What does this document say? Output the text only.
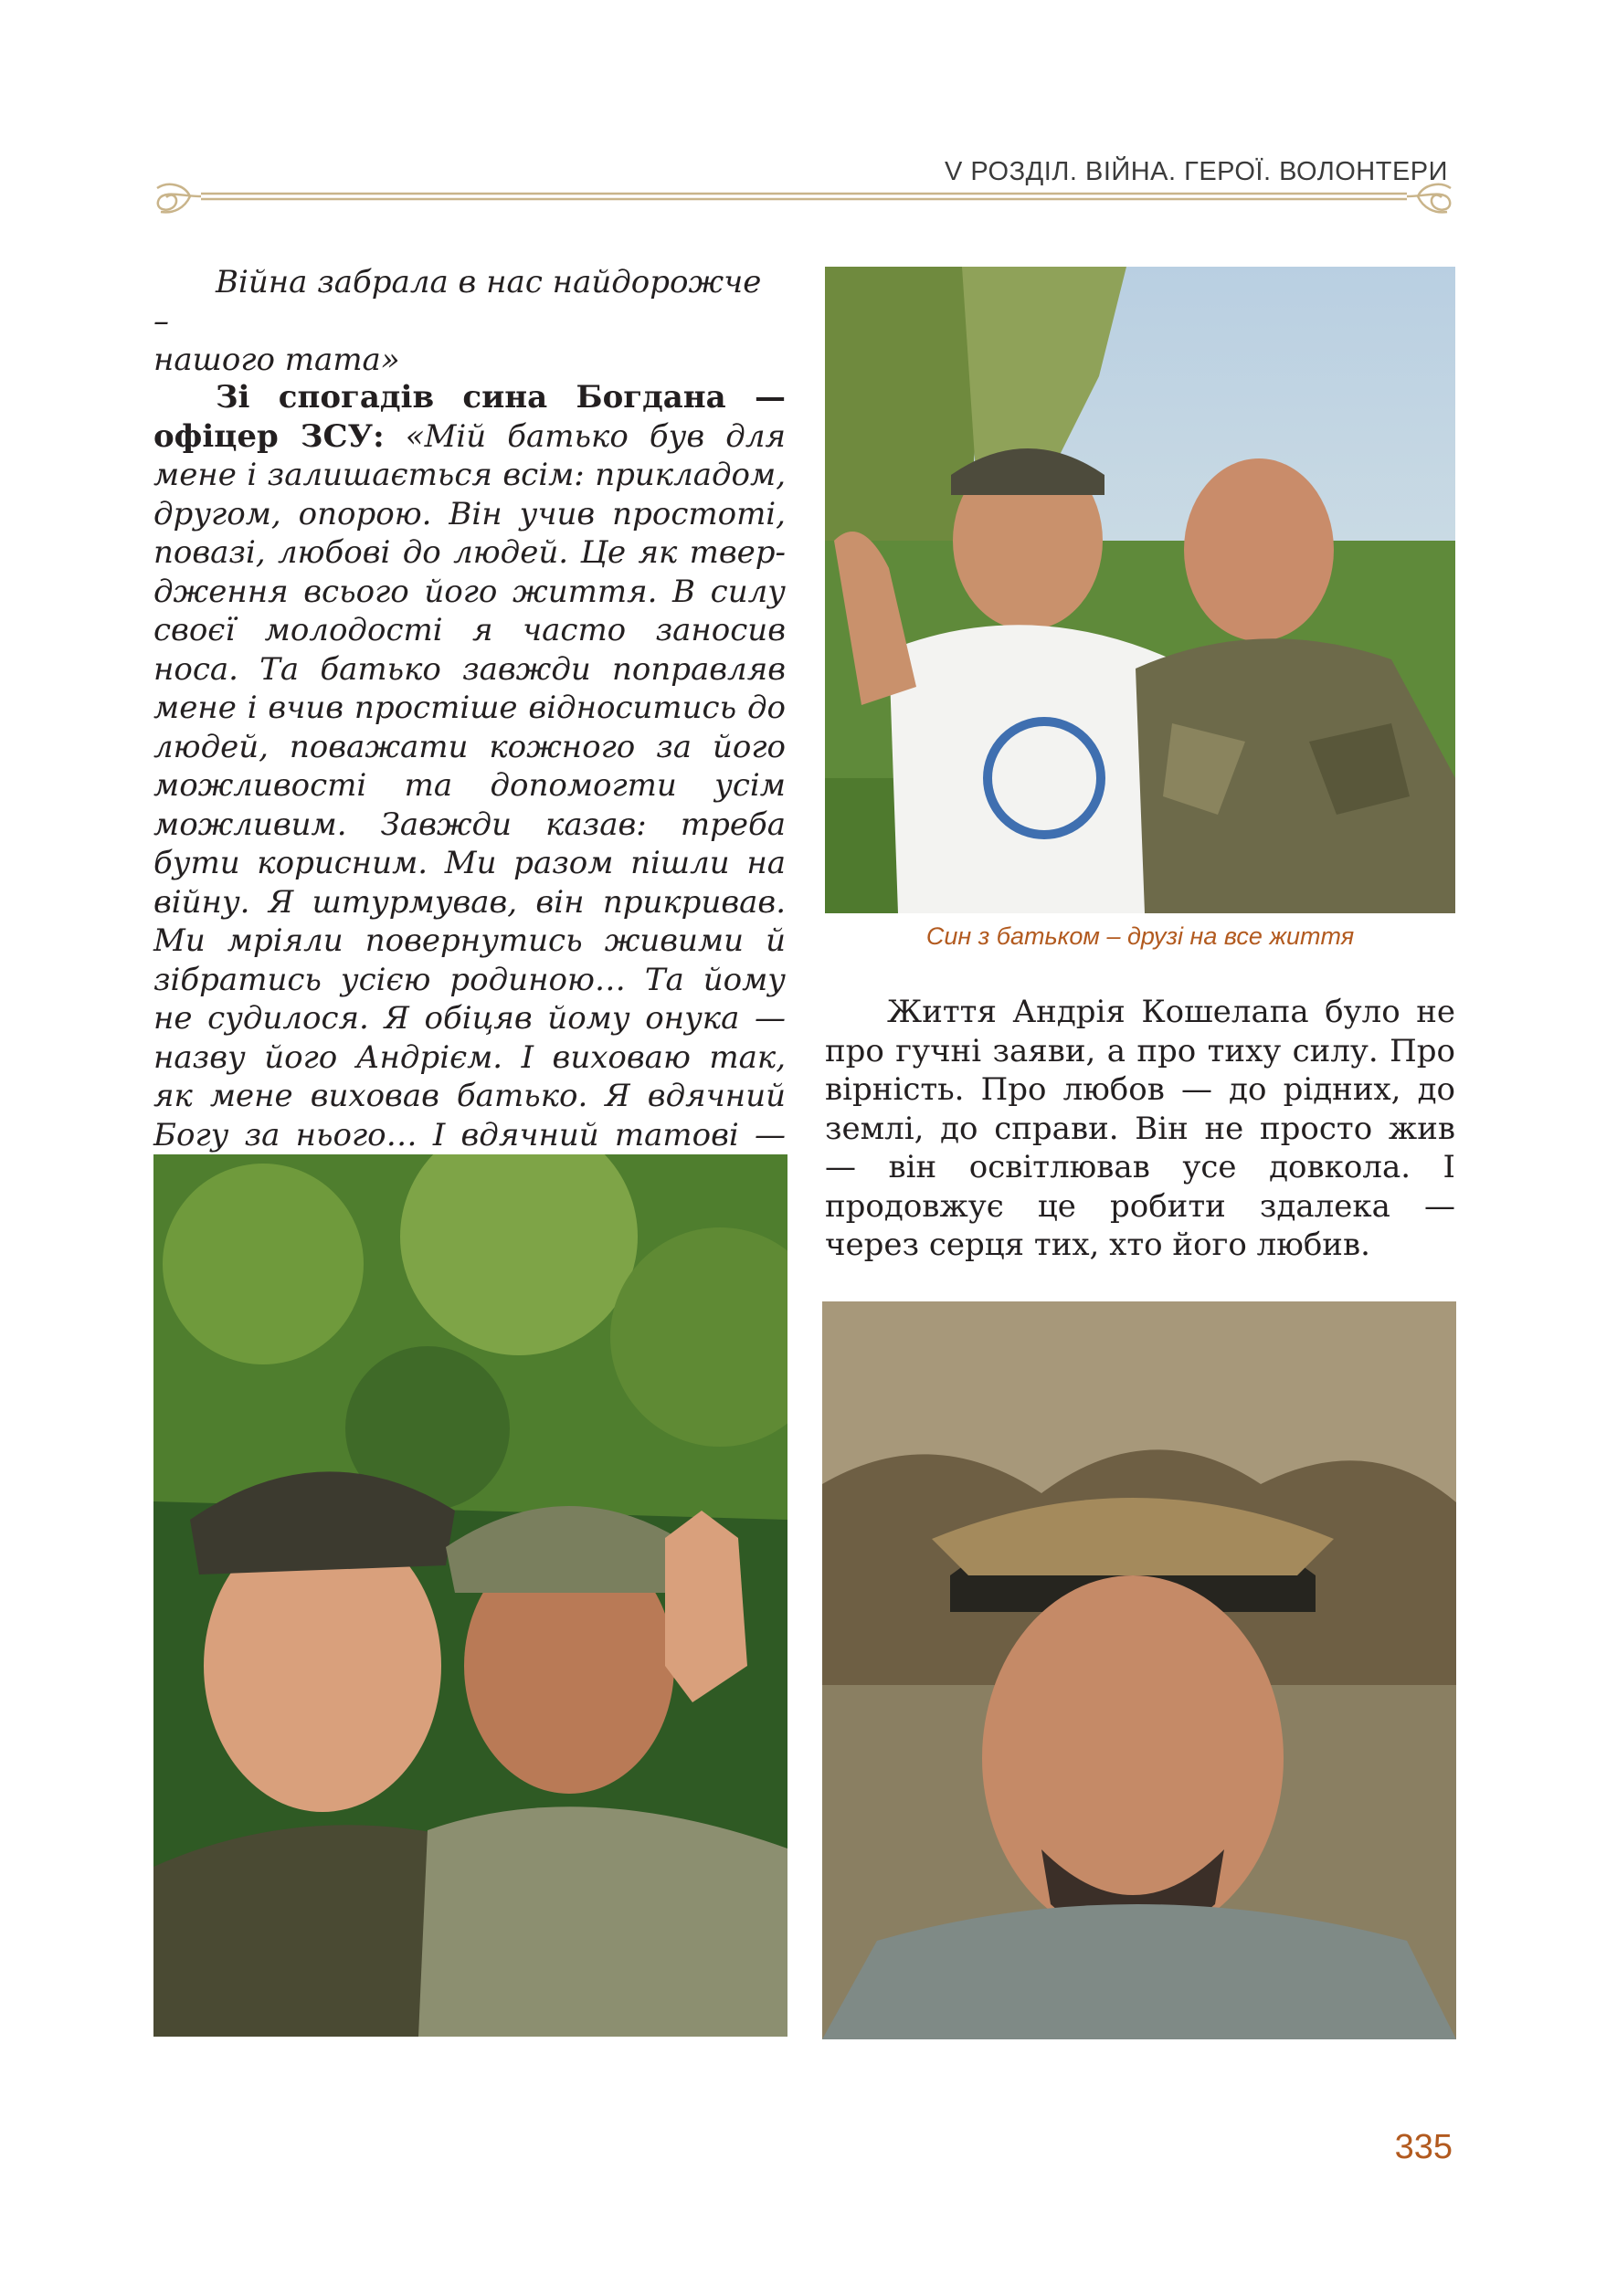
V РОЗДІЛ. ВІЙНА. ГЕРОЇ. ВОЛОНТЕРИ

Війна забрала в нас найдорожче –

нашого тата»

Зі спогадів сина Богдана — офіцер ЗСУ: «Мій батько був для мене і залишається всім: прикладом, другом, опорою. Він учив простоті, повазі, любові до людей. Це як твердження всього його життя. В силу своєї молодості я часто заносив носа. Та батько завжди поправляв мене і вчив простіше відноситись до людей, поважати кожного за його можливості та допомогти усім можливим. Завжди казав: треба бути корисним. Ми разом пішли на війну. Я штурмував, він прикривав. Ми мріяли повернутись живими й зібратись усією родиною… Та йому не судилося. Я обіцяв йому онука — назву його Андрієм. І виховаю так, як мене виховав батько. Я вдячний Богу за нього… І вдячний татові —

Син з батьком – друзі на все життя

Життя Андрія Кошелапа було не про гучні заяви, а про тиху силу. Про вірність. Про любов — до рідних, до землі, до справи. Він не просто жив — він освітлював усе довкола. І продовжує це робити здалека — через серця тих, хто його любив.

335
